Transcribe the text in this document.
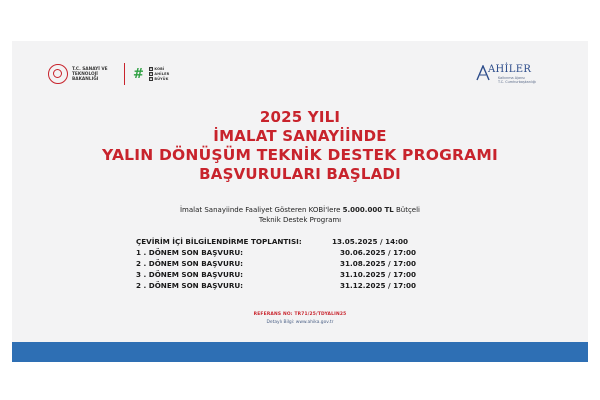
T.C. SANAYİ VE
TEKNOLOJİ BAKANLIĞI	# ▪ KOBİ
▪ AHİLER
▪ BÜYÜK
AHİLER
Kalkınma Ajansı
T.C. Cumhurbaşkanlığı
2025 YILI
İMALAT SANAYİİNDE
YALIN DÖNÜŞÜM TEKNİK DESTEK PROGRAMI
BAŞVURULARI BAŞLADI
İmalat Sanayiinde Faaliyet Gösteren KOBİ'lere 5.000.000 TL Bütçeli
Teknik Destek Programı
ÇEVİRİM İÇİ BİLGİLENDİRME TOPLANTISI:	13.05.2025 / 14:00
1 . DÖNEM SON BAŞVURU:	30.06.2025 / 17:00
2 . DÖNEM SON BAŞVURU:	31.08.2025 / 17:00
3 . DÖNEM SON BAŞVURU:	31.10.2025 / 17:00
2 . DÖNEM SON BAŞVURU:	31.12.2025 / 17:00
REFERANS NO: TR71/25/TDYALIN25
Detaylı Bilgi: www.ahika.gov.tr
